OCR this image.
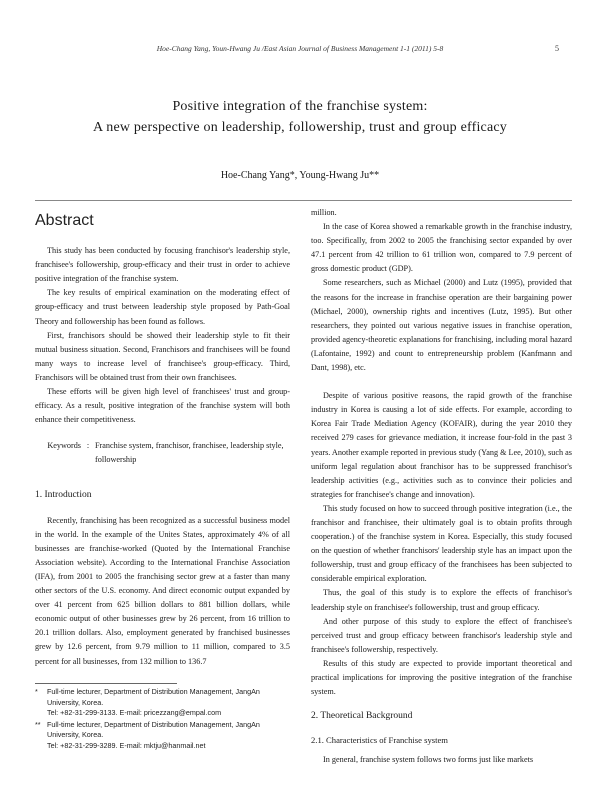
Hoe-Chang Yang, Youn-Hwang Ju /East Asian Journal of Business Management 1-1 (2011) 5-8	5
Positive integration of the franchise system:
A new perspective on leadership, followership, trust and group efficacy
Hoe-Chang Yang*, Young-Hwang Ju**
Abstract

This study has been conducted by focusing franchisor's leadership style, franchisee's followership, group-efficacy and their trust in order to achieve positive integration of the franchise system.

The key results of empirical examination on the moderating effect of group-efficacy and trust between leadership style proposed by Path-Goal Theory and followership has been found as follows.

First, franchisors should be showed their leadership style to fit their mutual business situation. Second, Franchisors and franchisees will be found many ways to increase level of franchisee's group-efficacy. Third, Franchisors will be obtained trust from their own franchisees.

These efforts will be given high level of franchisees' trust and group-efficacy. As a result, positive integration of the franchise system will both enhance their competitiveness.

Keywords : Franchise system, franchisor, franchisee, leadership style, followership
1. Introduction

Recently, franchising has been recognized as a successful business model in the world. In the example of the Unites States, approximately 4% of all businesses are franchise-worked (Quoted by the International Franchise Association website). According to the International Franchise Association (IFA), from 2001 to 2005 the franchising sector grew at a faster than many other sectors of the U.S. economy. And direct economic output expanded by over 41 percent from 625 billion dollars to 881 billion dollars, while economic output of other businesses grew by 26 percent, from 16 trillion to 20.1 trillion dollars. Also, employment generated by franchised businesses grew by 12.6 percent, from 9.79 million to 11 million, compared to 3.5 percent for all businesses, from 132 million to 136.7

*	Full-time lecturer, Department of Distribution Management, JangAn University, Korea.
Tel: +82-31-299-3133. E-mail: pricezzang@empal.com
** Full-time lecturer, Department of Distribution Management, JangAn University, Korea.
Tel: +82-31-299-3289. E-mail: mktju@hanmail.net

million.

In the case of Korea showed a remarkable growth in the franchise industry, too. Specifically, from 2002 to 2005 the franchising sector expanded by over 47.1 percent from 42 trillion to 61 trillion won, compared to 7.9 percent of gross domestic product (GDP).

Some researchers, such as Michael (2000) and Lutz (1995), provided that the reasons for the increase in franchise operation are their bargaining power (Michael, 2000), ownership rights and incentives (Lutz, 1995). But other researchers, they pointed out various negative issues in franchise operation, provided agency-theoretic explanations for franchising, including moral hazard (Lafontaine, 1992) and count to entrepreneurship problem (Kanfmann and Dant, 1998), etc.

Despite of various positive reasons, the rapid growth of the franchise industry in Korea is causing a lot of side effects. For example, according to Korea Fair Trade Mediation Agency (KOFAIR), during the year 2010 they received 279 cases for grievance mediation, it increase four-fold in the past 3 years. Another example reported in previous study (Yang & Lee, 2010), such as uniform legal regulation about franchisor has to be suppressed franchisor's leadership activities (e.g., activities such as to convince their policies and strategies for franchisee's change and innovation).

This study focused on how to succeed through positive integration (i.e., the franchisor and franchisee, their ultimately goal is to obtain profits through cooperation.) of the franchise system in Korea. Especially, this study focused on the question of whether franchisors' leadership style has an impact upon the followership, trust and group efficacy of the franchisees has been subjected to considerable empirical exploration.

Thus, the goal of this study is to explore the effects of franchisor's leadership style on franchisee's followership, trust and group efficacy.

And other purpose of this study to explore the effect of franchisee's perceived trust and group efficacy between franchisor's leadership style and franchisee's followership, respectively.

Results of this study are expected to provide important theoretical and practical implications for improving the positive integration of the franchise system.

2. Theoretical Background
2.1. Characteristics of Franchise system

In general, franchise system follows two forms just like markets
